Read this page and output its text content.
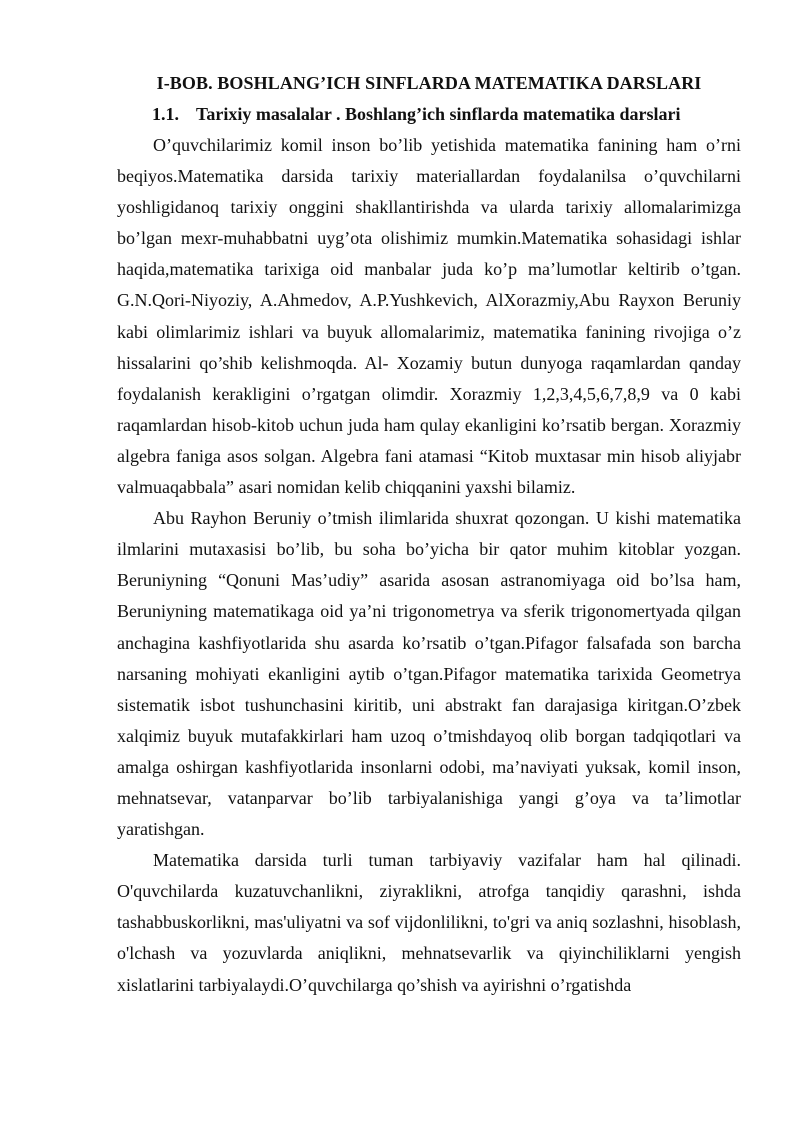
I-BOB. BOSHLANG’ICH SINFLARDA MATEMATIKA DARSLARI
1.1. Tarixiy masalalar . Boshlang’ich sinflarda matematika darslari

O’quvchilarimiz komil inson bo’lib yetishida matematika fanining ham o’rni beqiyos.Matematika darsida tarixiy materiallardan foydalanilsa o’quvchilarni yoshligidanoq tarixiy onggini shakllantirishda va ularda tarixiy allomalarimizga bo’lgan mexr-muhabbatni uyg’ota olishimiz mumkin.Matematika sohasidagi ishlar haqida,matematika tarixiga oid manbalar juda ko’p ma’lumotlar keltirib o’tgan. G.N.Qori-Niyoziy, A.Ahmedov, A.P.Yushkevich, AlXorazmiy,Abu Rayxon Beruniy kabi olimlarimiz ishlari va buyuk allomalarimiz, matematika fanining rivojiga o’z hissalarini qo’shib kelishmoqda. Al- Xozamiy butun dunyoga raqamlardan qanday foydalanish kerakligini o’rgatgan olimdir. Xorazmiy 1,2,3,4,5,6,7,8,9 va 0 kabi raqamlardan hisob-kitob uchun juda ham qulay ekanligini ko’rsatib bergan. Xorazmiy algebra faniga asos solgan. Algebra fani atamasi “Kitob muxtasar min hisob aliyjabr valmuaqabbala” asari nomidan kelib chiqqanini yaxshi bilamiz.

Abu Rayhon Beruniy o’tmish ilimlarida shuxrat qozongan. U kishi matematika ilmlarini mutaxasisi bo’lib, bu soha bo’yicha bir qator muhim kitoblar yozgan. Beruniyning “Qonuni Mas’udiy” asarida asosan astranomiyaga oid bo’lsa ham, Beruniyning matematikaga oid ya’ni trigonometrya va sferik trigonomertyada qilgan anchagina kashfiyotlarida shu asarda ko’rsatib o’tgan.Pifagor falsafada son barcha narsaning mohiyati ekanligini aytib o’tgan.Pifagor matematika tarixida Geometrya sistematik isbot tushunchasini kiritib, uni abstrakt fan darajasiga kiritgan.O’zbek xalqimiz buyuk mutafakkirlari ham uzoq o’tmishdayoq olib borgan tadqiqotlari va amalga oshirgan kashfiyotlarida insonlarni odobi, ma’naviyati yuksak, komil inson, mehnatsevar, vatanparvar bo’lib tarbiyalanishiga yangi g’oya va ta’limotlar yaratishgan.

Matematika darsida turli tuman tarbiyaviy vazifalar ham hal qilinadi. O'quvchilarda kuzatuvchanlikni, ziyraklikni, atrofga tanqidiy qarashni, ishda tashabbuskorlikni, mas'uliyatni va sof vijdonlilikni, to'gri va aniq sozlashni, hisoblash, o'lchash va yozuvlarda aniqlikni, mehnatsevarlik va qiyinchiliklarni yengish xislatlarini tarbiyalaydi.O’quvchilarga qo’shish va ayirishni o’rgatishda
